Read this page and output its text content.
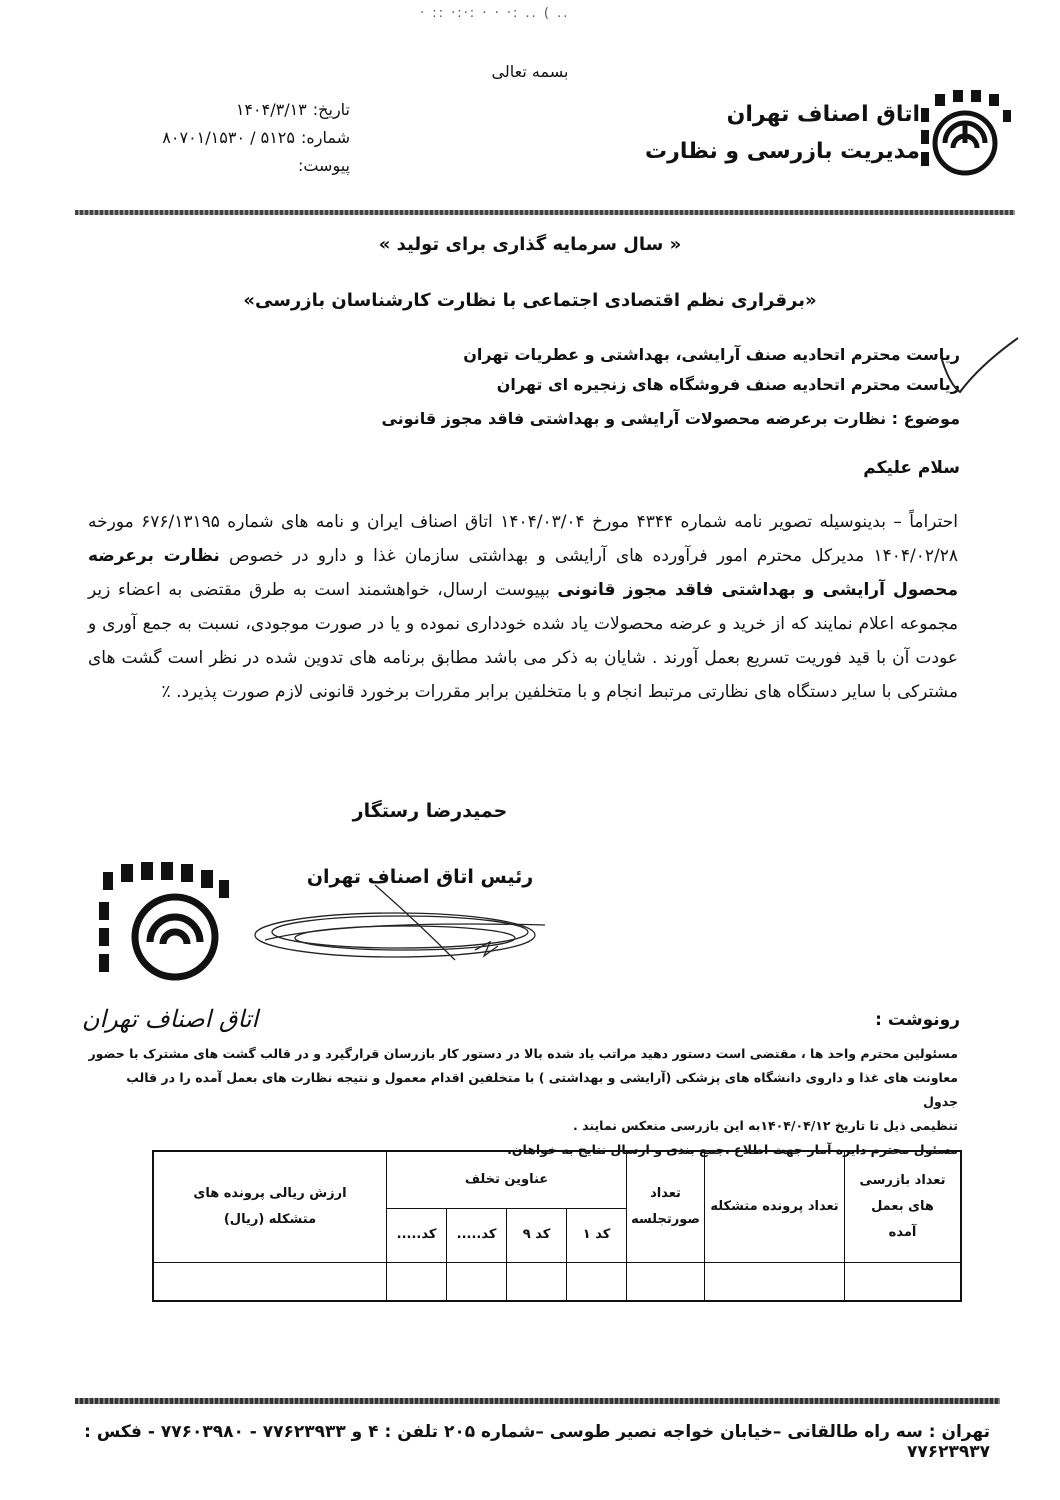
· :: ·:·: · · ·: .. ( ..
بسمه تعالی
اتاق اصناف تهران
مدیریت بازرسی و نظارت
تاریخ:
۱۴۰۴/۳/۱۳
شماره:
۵۱۲۵ / ۸۰۷۰۱/۱۵۳۰
پیوست:
« سال سرمایه گذاری برای تولید »
«برقراری نظم اقتصادی اجتماعی با نظارت کارشناسان بازرسی»
ریاست محترم اتحادیه صنف آرایشی، بهداشتی و عطریات تهران
ریاست محترم اتحادیه صنف فروشگاه های زنجیره ای تهران
موضوع : نظارت برعرضه محصولات آرایشی و بهداشتی فاقد مجوز قانونی
سلام علیکم
احتراماً – بدینوسیله تصویر نامه شماره ۴۳۴۴ مورخ ۱۴۰۴/۰۳/۰۴ اتاق اصناف ایران و نامه های شماره ۶۷۶/۱۳۱۹۵ مورخه ۱۴۰۴/۰۲/۲۸ مدیرکل محترم امور فرآورده های آرایشی و بهداشتی سازمان غذا و دارو در خصوص نظارت برعرضه محصول آرایشی و بهداشتی فاقد مجوز قانونی بپیوست ارسال، خواهشمند است به طرق مقتضی به اعضاء زیر مجموعه اعلام نمایند که از خرید و عرضه محصولات یاد شده خودداری نموده و یا در صورت موجودی، نسبت به جمع آوری و عودت آن با قید فوریت تسریع بعمل آورند . شایان به ذکر می باشد مطابق برنامه های تدوین شده در نظر است گشت های مشترکی با سایر دستگاه های نظارتی مرتبط انجام و با متخلفین برابر مقررات برخورد قانونی لازم صورت پذیرد. ٪
حمیدرضا رستگار
رئیس اتاق اصناف تهران
اتاق اصناف تهران	رونوشت :
مسئولین محترم واحد ها ، مقتضی است دستور دهید مراتب یاد شده بالا در دستور کار بازرسان قرارگیرد و در قالب گشت های مشترک با حضور
معاونت های غذا و داروی دانشگاه های پزشکی (آرایشی و بهداشتی ) با متخلفین اقدام معمول و نتیجه نظارت های بعمل آمده را در قالب جدول
تنظیمی ذیل تا تاریخ ۱۴۰۴/۰۴/۱۲به این بازرسی منعکس نمایند .
مسئول محترم دایره آمار جهت اطلاع ،جمع بندی و ارسال نتایج به خواهان.
تعداد بازرسی های بعمل آمده
تعداد پرونده متشکله
تعداد صورتجلسه
عناوین تخلف
کد ۱
کد ۹
کد.....
کد.....
ارزش ریالی پرونده های متشکله (ریال)
تهران : سه راه طالقانی –خیابان خواجه نصیر طوسی –شماره ۲۰۵ تلفن : ۴ و ۷۷۶۲۳۹۳۳ - ۷۷۶۰۳۹۸۰ - فکس : ۷۷۶۲۳۹۳۷
